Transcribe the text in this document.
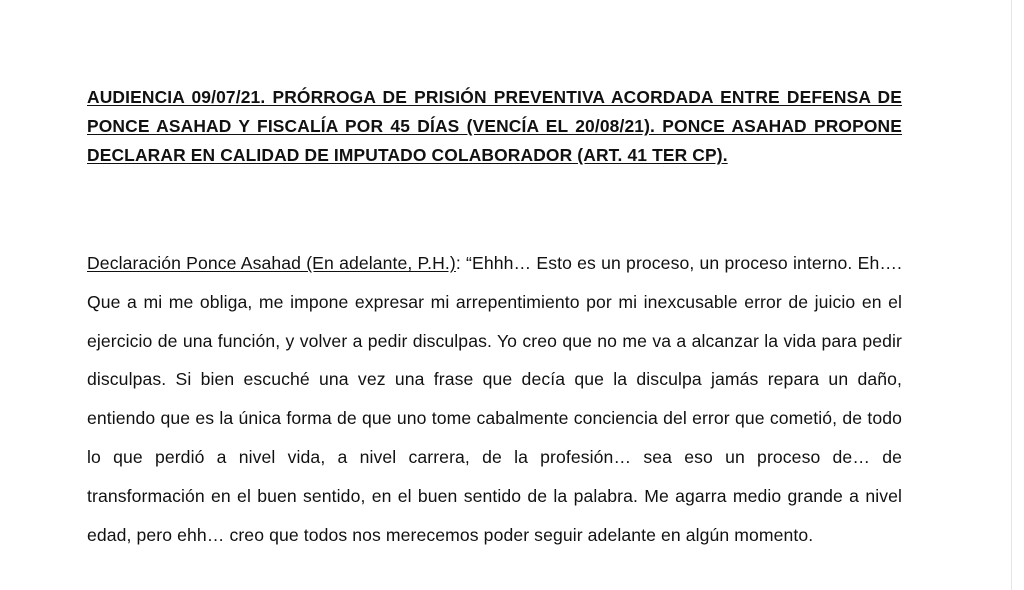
AUDIENCIA 09/07/21. PRÓRROGA DE PRISIÓN PREVENTIVA ACORDADA ENTRE DEFENSA DE PONCE ASAHAD Y FISCALÍA POR 45 DÍAS (VENCÍA EL 20/08/21). PONCE ASAHAD PROPONE DECLARAR EN CALIDAD DE IMPUTADO COLABORADOR (ART. 41 TER CP).
Declaración Ponce Asahad (En adelante, P.H.): “Ehhh… Esto es un proceso, un proceso interno. Eh…. Que a mi me obliga, me impone expresar mi arrepentimiento por mi inexcusable error de juicio en el ejercicio de una función, y volver a pedir disculpas. Yo creo que no me va a alcanzar la vida para pedir disculpas. Si bien escuché una vez una frase que decía que la disculpa jamás repara un daño, entiendo que es la única forma de que uno tome cabalmente conciencia del error que cometió, de todo lo que perdió a nivel vida, a nivel carrera, de la profesión… sea eso un proceso de… de transformación en el buen sentido, en el buen sentido de la palabra. Me agarra medio grande a nivel edad, pero ehh… creo que todos nos merecemos poder seguir adelante en algún momento.
